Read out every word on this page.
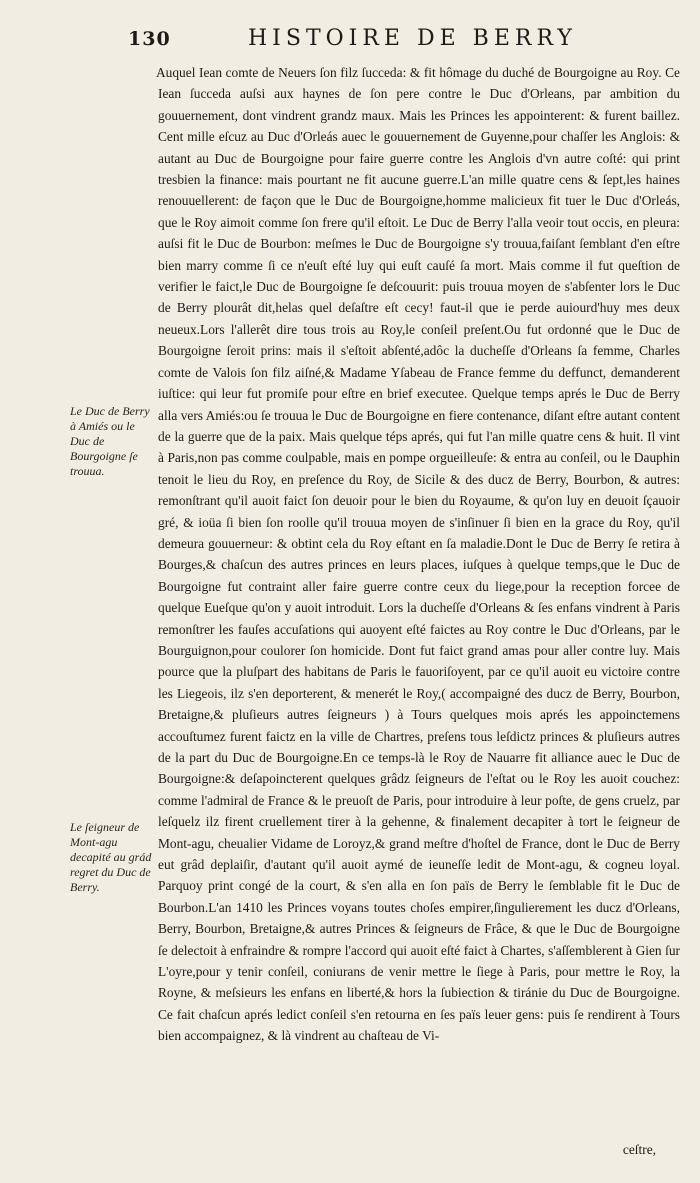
130	HISTOIRE DE BERRY
Auquel Iean comte de Neuers ſon filz ſucceda: & fit hômage du duché de Bourgoigne au Roy. Ce Iean ſucceda auſsi aux haynes de ſon pere contre le Duc d'Orleans, par ambition du gouuernement, dont vindrent grandz maux. Mais les Princes les appointerent: & furent baillez. Cent mille eſcuz au Duc d'Orleás auec le gouuernement de Guyenne,pour chaſſer les Anglois: & autant au Duc de Bourgoigne pour faire guerre contre les Anglois d'vn autre coſté: qui print tresbien la finance: mais pourtant ne fit aucune guerre.L'an mille quatre cens & ſept,les haines renouuellerent: de façon que le Duc de Bourgoigne,homme malicieux fit tuer le Duc d'Orleás, que le Roy aimoit comme ſon frere qu'il eſtoit. Le Duc de Berry l'alla veoir tout occis, en pleura: auſsi fit le Duc de Bourbon: meſmes le Duc de Bourgoigne s'y trouua,faiſant ſemblant d'en eſtre bien marry comme ſi ce n'euſt eſté luy qui euſt cauſé ſa mort. Mais comme il fut queſtion de verifier le faict,le Duc de Bourgoigne ſe deſcouurit: puis trouua moyen de s'abſenter lors le Duc de Berry plourât dit,helas quel deſaſtre eſt cecy! faut-il que ie perde auiourd'huy mes deux neueux.Lors l'allerêt dire tous trois au Roy,le conſeil preſent.Ou fut ordonné que le Duc de Bourgoigne ſeroit prins: mais il s'eſtoit abſenté,adôc la ducheſſe d'Orleans ſa femme, Charles comte de Valois ſon filz aiſné,& Madame Yſabeau de France femme du deffunct, demanderent iuſtice: qui leur fut promiſe pour eſtre en brief executee. Quelque temps aprés le Duc de Berry alla vers Amiés:ou ſe trouua le Duc de Bourgoigne en fiere contenance, diſant eſtre autant content de la guerre que de la paix. Mais quelque téps aprés, qui fut l'an mille quatre cens & huit. Il vint à Paris,non pas comme coulpable, mais en pompe orgueilleuſe: & entra au conſeil, ou le Dauphin tenoit le lieu du Roy, en preſence du Roy, de Sicile & des ducz de Berry, Bourbon, & autres: remonſtrant qu'il auoit faict ſon deuoir pour le bien du Royaume, & qu'on luy en deuoit ſçauoir gré, & ioüa ſi bien ſon roolle qu'il trouua moyen de s'inſinuer ſi bien en la grace du Roy, qu'il demeura gouuerneur: & obtint cela du Roy eſtant en ſa maladie.Dont le Duc de Berry ſe retira à Bourges,& chaſcun des autres princes en leurs places, iuſques à quelque temps,que le Duc de Bourgoigne fut contraint aller faire guerre contre ceux du liege,pour la reception forcee de quelque Eueſque qu'on y auoit introduit. Lors la ducheſſe d'Orleans & ſes enfans vindrent à Paris remonſtrer les fauſes accuſations qui auoyent eſté faictes au Roy contre le Duc d'Orleans, par le Bourguignon,pour coulorer ſon homicide. Dont fut faict grand amas pour aller contre luy. Mais pource que la pluſpart des habitans de Paris le fauoriſoyent, par ce qu'il auoit eu victoire contre les Liegeois, ilz s'en deporterent, & menerét le Roy,( accompaigné des ducz de Berry, Bourbon, Bretaigne,& pluſieurs autres ſeigneurs ) à Tours quelques mois aprés les appoinctemens accouſtumez furent faictz en la ville de Chartres, preſens tous leſdictz princes & pluſieurs autres de la part du Duc de Bourgoigne.En ce temps-là le Roy de Nauarre fit alliance auec le Duc de Bourgoigne:& deſapoincterent quelques grâdz ſeigneurs de l'eſtat ou le Roy les auoit couchez: comme l'admiral de France & le preuoſt de Paris, pour introduire à leur poſte, de gens cruelz, par leſquelz ilz firent cruellement tirer à la gehenne, & finalement decapiter à tort le ſeigneur de Mont-agu, cheualier Vidame de Loroyz,& grand meſtre d'hoſtel de France, dont le Duc de Berry eut grâd deplaiſir, d'autant qu'il auoit aymé de ieuneſſe ledit de Mont-agu, & cogneu loyal. Parquoy print congé de la court, & s'en alla en ſon païs de Berry le ſemblable fit le Duc de Bourbon.L'an 1410 les Princes voyans toutes choſes empirer,ſingulierement les ducz d'Orleans, Berry, Bourbon, Bretaigne,& autres Princes & ſeigneurs de Frâce, & que le Duc de Bourgoigne ſe delectoit à enfraindre & rompre l'accord qui auoit eſté faict à Chartes, s'aſſemblerent à Gien ſur L'oyre,pour y tenir conſeil, coniurans de venir mettre le ſiege à Paris, pour mettre le Roy, la Royne, & meſsieurs les enfans en liberté,& hors la ſubiection & tiránie du Duc de Bourgoigne. Ce fait chaſcun aprés ledict conſeil s'en retourna en ſes païs leuer gens: puis ſe rendirent à Tours bien accompaignez, & là vindrent au chaſteau de Vi-
Le Duc de Berry à Amiés ou le Duc de Bourgoigne ſe trouua.
Le ſeigneur de Mont-agu decapité au grád regret du Duc de Berry.
ceſtre,
